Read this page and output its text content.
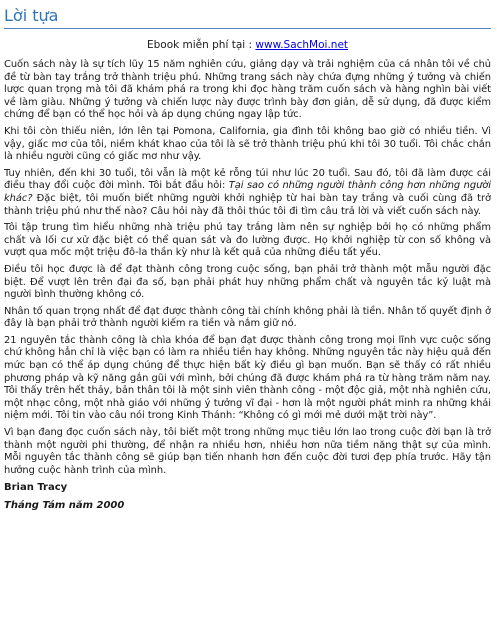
Lời tựa
Ebook miễn phí tại : www.SachMoi.net

Cuốn sách này là sự tích lũy 15 năm nghiên cứu, giảng dạy và trải nghiệm của cá nhân tôi về chủ đề từ bàn tay trắng trở thành triệu phú. Những trang sách này chứa đựng những ý tưởng và chiến lược quan trọng mà tôi đã khám phá ra trong khi đọc hàng trăm cuốn sách và hàng nghìn bài viết về làm giàu. Những ý tưởng và chiến lược này được trình bày đơn giản, dễ sử dụng, đã được kiểm chứng để bạn có thể học hỏi và áp dụng chúng ngay lập tức.

Khi tôi còn thiếu niên, lớn lên tại Pomona, California, gia đình tôi không bao giờ có nhiều tiền. Vì vậy, giấc mơ của tôi, niềm khát khao của tôi là sẽ trở thành triệu phú khi tôi 30 tuổi. Tôi chắc chắn là nhiều người cũng có giấc mơ như vậy.

Tuy nhiên, đến khi 30 tuổi, tôi vẫn là một kẻ rỗng túi như lúc 20 tuổi. Sau đó, tôi đã làm được cái điều thay đổi cuộc đời mình. Tôi bắt đầu hỏi: Tại sao có những người thành công hơn những người khác? Đặc biệt, tôi muốn biết những người khởi nghiệp từ hai bàn tay trắng và cuối cùng đã trở thành triệu phú như thế nào? Câu hỏi này đã thôi thúc tôi đi tìm câu trả lời và viết cuốn sách này.

Tôi tập trung tìm hiểu những nhà triệu phú tay trắng làm nên sự nghiệp bởi họ có những phẩm chất và lối cư xử đặc biệt có thể quan sát và đo lường được. Họ khởi nghiệp từ con số không và vượt qua mốc một triệu đô-la thần kỳ như là kết quả của những điều tất yếu.

Điều tôi học được là để đạt thành công trong cuộc sống, bạn phải trở thành một mẫu người đặc biệt. Để vượt lên trên đại đa số, bạn phải phát huy những phẩm chất và nguyên tắc kỷ luật mà người bình thường không có.

Nhân tố quan trọng nhất để đạt được thành công tài chính không phải là tiền. Nhân tố quyết định ở đây là bạn phải trở thành người kiếm ra tiền và nắm giữ nó.

21 nguyên tắc thành công là chìa khóa để bạn đạt được thành công trong mọi lĩnh vực cuộc sống chứ không hẳn chỉ là việc bạn có làm ra nhiều tiền hay không. Những nguyên tắc này hiệu quả đến mức bạn có thể áp dụng chúng để thực hiện bất kỳ điều gì bạn muốn. Bạn sẽ thấy có rất nhiều phương pháp và kỹ năng gắn gũi với mình, bởi chúng đã được khám phá ra từ hàng trăm năm nay. Tôi thấy trên hết thảy, bản thân tôi là một sinh viên thành công - một độc giả, một nhà nghiên cứu, một nhạc công, một nhà giáo với những ý tưởng vĩ đại - hơn là một người phát minh ra những khái niệm mới. Tôi tin vào câu nói trong Kinh Thánh: “Không có gì mới mẻ dưới mặt trời này”.

Vì bạn đang đọc cuốn sách này, tôi biết một trong những mục tiêu lớn lao trong cuộc đời bạn là trở thành một người phi thường, để nhận ra nhiều hơn, nhiều hơn nữa tiềm năng thật sự của mình. Mỗi nguyên tắc thành công sẽ giúp bạn tiến nhanh hơn đến cuộc đời tươi đẹp phía trước. Hãy tận hưởng cuộc hành trình của mình.

Brian Tracy
Tháng Tám năm 2000
